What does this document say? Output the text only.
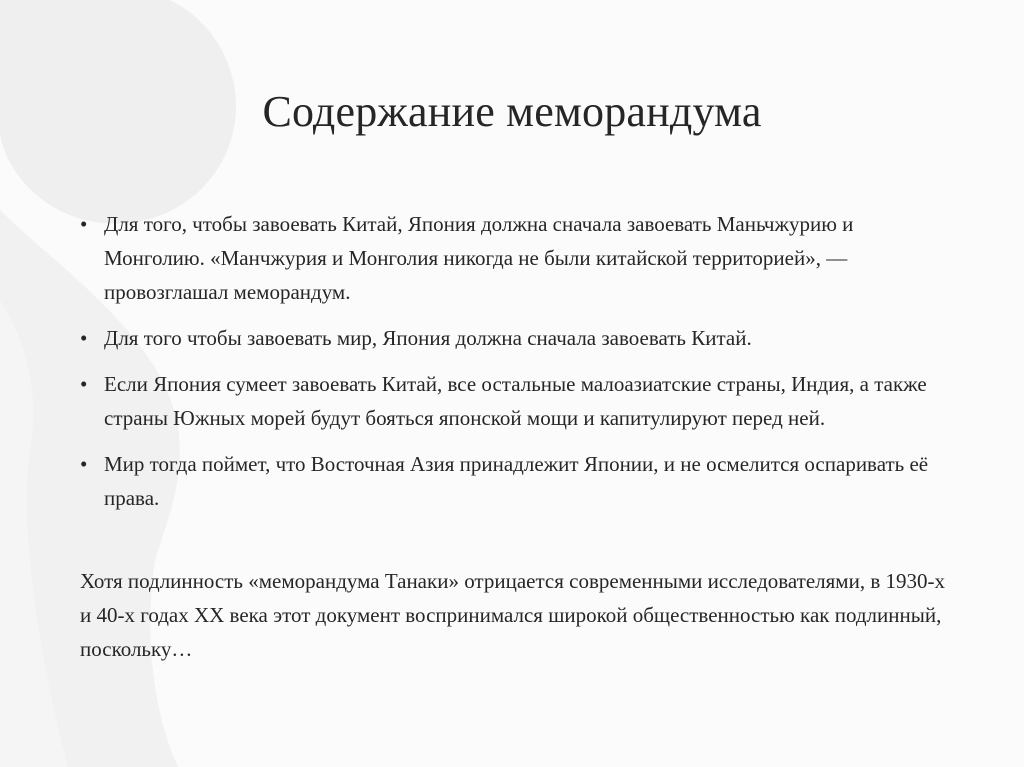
Содержание меморандума
• Для того, чтобы завоевать Китай, Япония должна сначала завоевать Маньчжурию и Монголию. «Манчжурия и Монголия никогда не были китайской территорией», — провозглашал меморандум.
• Для того чтобы завоевать мир, Япония должна сначала завоевать Китай.
• Если Япония сумеет завоевать Китай, все остальные малоазиатские страны, Индия, а также страны Южных морей будут бояться японской мощи и капитулируют перед ней.
• Мир тогда поймет, что Восточная Азия принадлежит Японии, и не осмелится оспаривать её права.
Хотя подлинность «меморандума Танаки» отрицается современными исследователями, в 1930-х и 40-х годах XX века этот документ воспринимался широкой общественностью как подлинный, поскольку…
